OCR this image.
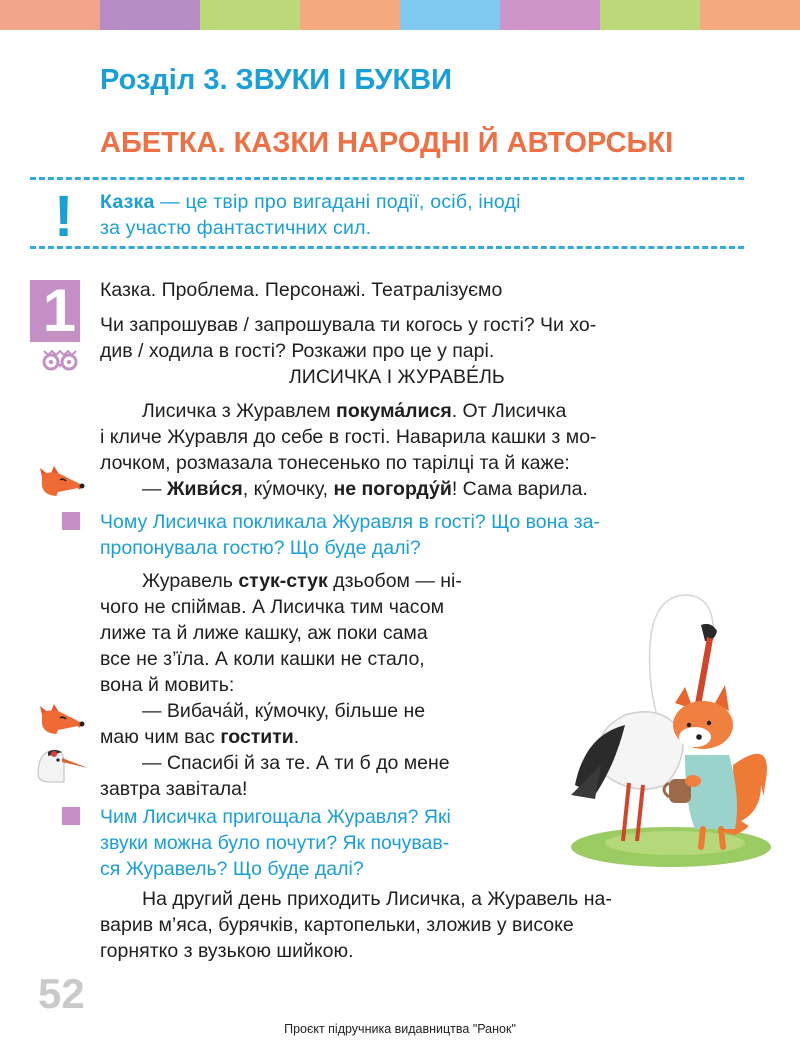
Розділ 3. ЗВУКИ І БУКВИ
АБЕТКА. КАЗКИ НАРОДНІ Й АВТОРСЬКІ
! Казка — це твір про вигадані події, осіб, іноді
за участю фантастичних сил.
1 Казка. Проблема. Персонажі. Театралізуємо
Чи запрошував / запрошувала ти когось у гості? Чи хо-
див / ходила в гості? Розкажи про це у парі.
ЛИСИЧКА І ЖУРАВЕ́ЛЬ
Лисичка з Журавлем покума́лися. От Лисичка
і кличе Журавля до себе в гості. Наварила кашки з мо-
лочком, розмазала тонесенько по тарілці та й каже:
— Живи́ся, ку́мочку, не погорду́й! Сама варила.
Чому Лисичка покликала Журавля в гості? Що вона за-
пропонувала гостю? Що буде далі?
Журавель стук-стук дзьобом — ні-
чого не спіймав. А Лисичка тим часом
лиже та й лиже кашку, аж поки сама
все не з’їла. А коли кашки не стало,
вона й мовить:
— Вибача́й, ку́мочку, більше не
маю чим вас гостити.
— Спасибі й за те. А ти б до мене
завтра завітала!
Чим Лисичка пригощала Журавля? Які
звуки можна було почути? Як почував-
ся Журавель? Що буде далі?
На другий день приходить Лисичка, а Журавель на-
варив м’яса, бурячків, картопельки, зложив у високе
горнятко з вузькою шийкою.
52
Проєкт підручника видавництва "Ранок"
